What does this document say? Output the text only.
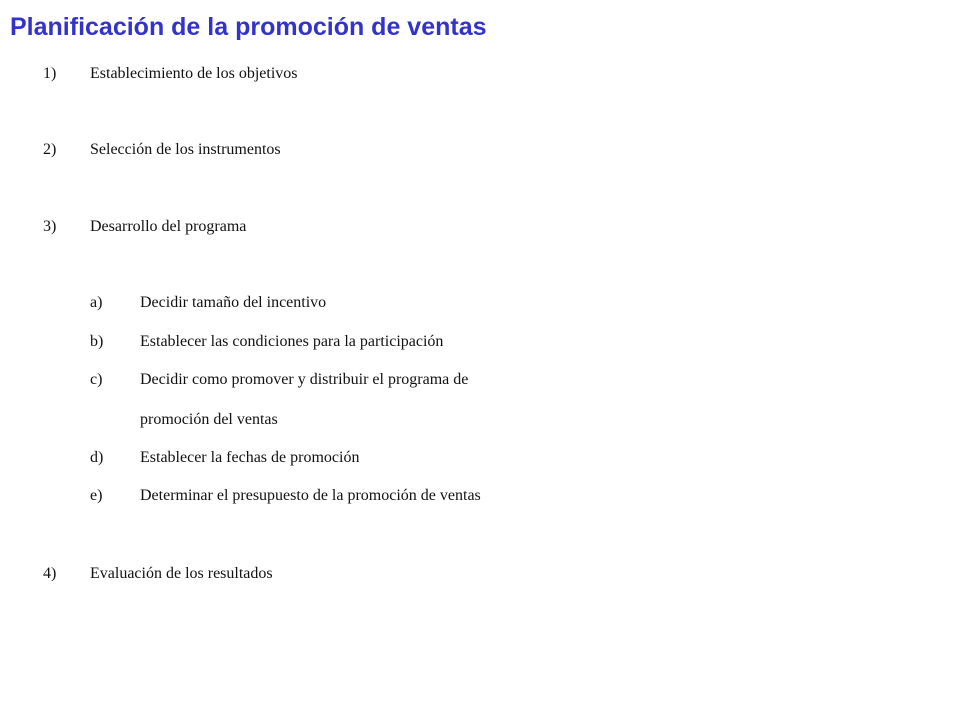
Planificación de la promoción de ventas
1) Establecimiento de los objetivos
2) Selección de los instrumentos
3) Desarrollo del programa
a) Decidir tamaño del incentivo
b) Establecer las condiciones para la participación
c) Decidir como promover y distribuir el programa de
promoción del ventas
d) Establecer la fechas de promoción
e) Determinar el presupuesto de la promoción de ventas
4) Evaluación de los resultados
